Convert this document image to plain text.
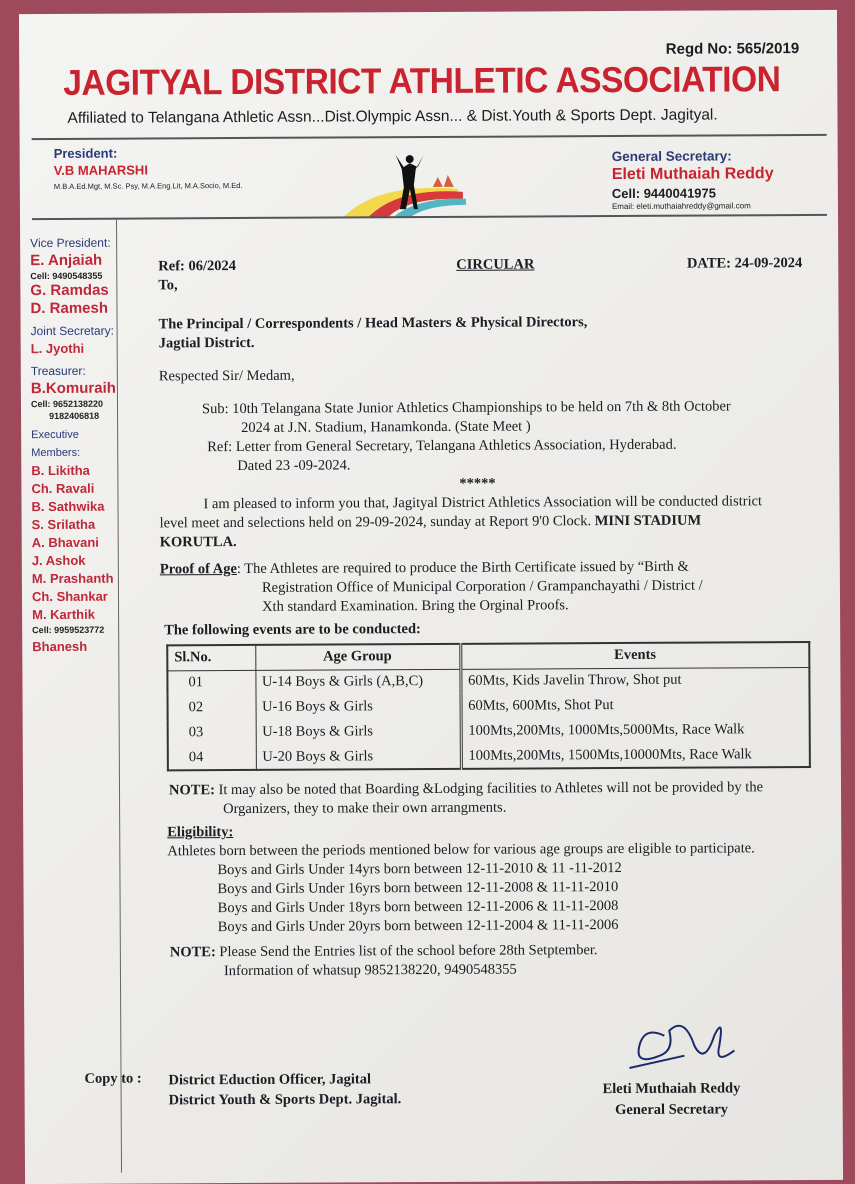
Regd No: 565/2019
JAGITYAL DISTRICT ATHLETIC ASSOCIATION
Affiliated to Telangana Athletic Assn...Dist.Olympic Assn... & Dist.Youth & Sports Dept. Jagityal.
President:
V.B MAHARSHI
M.B.A.Ed.Mgt, M.Sc. Psy, M.A.Eng.Lit, M.A.Socio, M.Ed.
General Secretary:
Eleti Muthaiah Reddy
Cell: 9440041975
Email: eleti.muthaiahreddy@gmail.com
Vice President:
E. Anjaiah
Cell: 9490548355
G. Ramdas
D. Ramesh
Joint Secretary:
L. Jyothi
Treasurer:
B.Komuraih
Cell: 9652138220
9182406818
Executive Members:
B. Likitha
Ch. Ravali
B. Sathwika
S. Srilatha
A. Bhavani
J. Ashok
M. Prashanth
Ch. Shankar
M. Karthik
Cell: 9959523772
Bhanesh

Ref: 06/2024	CIRCULAR	DATE: 24-09-2024

To,

The Principal / Correspondents / Head Masters & Physical Directors,

Jagtial District.

Respected Sir/ Medam,

Sub: 10th Telangana State Junior Athletics Championships to be held on 7th & 8th October

2024 at J.N. Stadium, Hanamkonda. (State Meet )

Ref: Letter from General Secretary, Telangana Athletics Association, Hyderabad.

Dated 23 -09-2024.

*****

I am pleased to inform you that, Jagityal District Athletics Association will be conducted district

level meet and selections held on 29-09-2024, sunday at Report 9'0 Clock. MINI STADIUM

KORUTLA.

Proof of Age: The Athletes are required to produce the Birth Certificate issued by “Birth &

Registration Office of Municipal Corporation / Grampanchayathi / District /

Xth standard Examination. Bring the Orginal Proofs.

The following events are to be conducted:

Sl.No.	Age Group	Events
01	U-14 Boys & Girls (A,B,C)	60Mts, Kids Javelin Throw, Shot put
02	U-16 Boys & Girls	60Mts, 600Mts, Shot Put
03	U-18 Boys & Girls	100Mts,200Mts, 1000Mts,5000Mts, Race Walk
04	U-20 Boys & Girls	100Mts,200Mts, 1500Mts,10000Mts, Race Walk

NOTE: It may also be noted that Boarding &Lodging facilities to Athletes will not be provided by the

Organizers, they to make their own arrangments.

Eligibility:

Athletes born between the periods mentioned below for various age groups are eligible to participate.

Boys and Girls Under 14yrs born between 12-11-2010 & 11 -11-2012

Boys and Girls Under 16yrs born between 12-11-2008 & 11-11-2010

Boys and Girls Under 18yrs born between 12-11-2006 & 11-11-2008

Boys and Girls Under 20yrs born between 12-11-2004 & 11-11-2006

NOTE: Please Send the Entries list of the school before 28th Setptember.

Information of whatsup 9852138220, 9490548355

Copy to : District Eduction Officer, Jagital
District Youth & Sports Dept. Jagital.
Eleti Muthaiah Reddy
General Secretary
